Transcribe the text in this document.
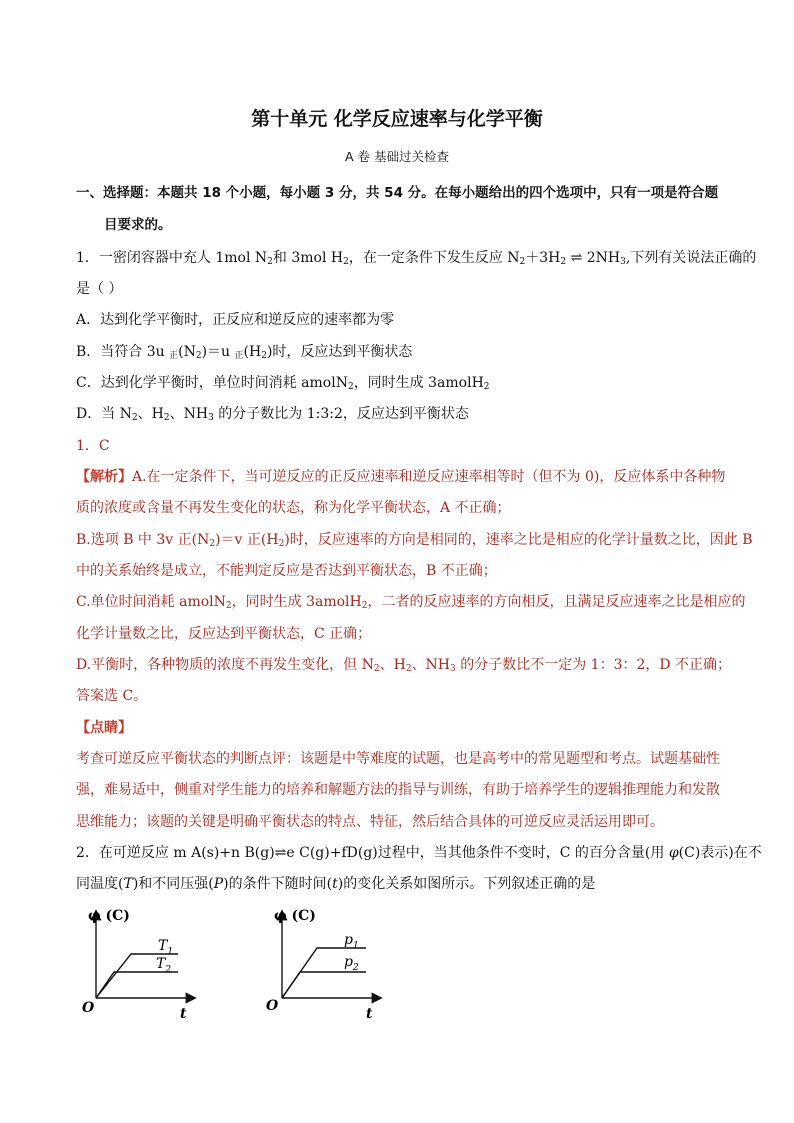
第十单元 化学反应速率与化学平衡
A 卷 基础过关检查
一、选择题：本题共 18 个小题，每小题 3 分，共 54 分。在每小题给出的四个选项中，只有一项是符合题
目要求的。
1．一密闭容器中充人 1mol $N_2$和 3mol $H_2$，在一定条件下发生反应 $N_2+3H_2$ ⇌ $2NH_3$,下列有关说法正确的
是（ ）
A．达到化学平衡时，正反应和逆反应的速率都为零
B．当符合 3u $_正(N_2)=u$ $_正(H_2)$时，反应达到平衡状态
C．达到化学平衡时，单位时间消耗 amolN$_2$，同时生成 3amolH$_2$
D．当 $N_2$、$H_2$、$NH_3$ 的分子数比为 1:3:2，反应达到平衡状态
1．C
【解析】A.在一定条件下，当可逆反应的正反应速率和逆反应速率相等时（但不为 0)，反应体系中各种物
质的浓度或含量不再发生变化的状态，称为化学平衡状态，A 不正确；
B.选项 B 中 3v 正$(N_2)=v$ 正$(H_2)$时，反应速率的方向是相同的，速率之比是相应的化学计量数之比，因此 B
中的关系始终是成立，不能判定反应是否达到平衡状态，B 不正确；
C.单位时间消耗 amolN$_2$，同时生成 3amolH$_2$，二者的反应速率的方向相反，且满足反应速率之比是相应的
化学计量数之比，反应达到平衡状态，C 正确；
D.平衡时，各种物质的浓度不再发生变化，但 $N_2$、$H_2$、$NH_3$ 的分子数比不一定为 1：3：2，D 不正确；
答案选 C。
【点睛】
考查可逆反应平衡状态的判断点评：该题是中等难度的试题，也是高考中的常见题型和考点。试题基础性
强，难易适中，侧重对学生能力的培养和解题方法的指导与训练，有助于培养学生的逻辑推理能力和发散
思维能力；该题的关键是明确平衡状态的特点、特征，然后结合具体的可逆反应灵活运用即可。
2．在可逆反应 m A(s)+n B(g)⇌e C(g)+fD(g)过程中，当其他条件不变时，C 的百分含量(用 φ(C)表示)在不
同温度(T)和不同压强(P)的条件下随时间(t)的变化关系如图所示。下列叙述正确的是
φ (C)
O	t
$T_1$
$T_2$
φ (C)
O	t
$p_1$
$p_2$
